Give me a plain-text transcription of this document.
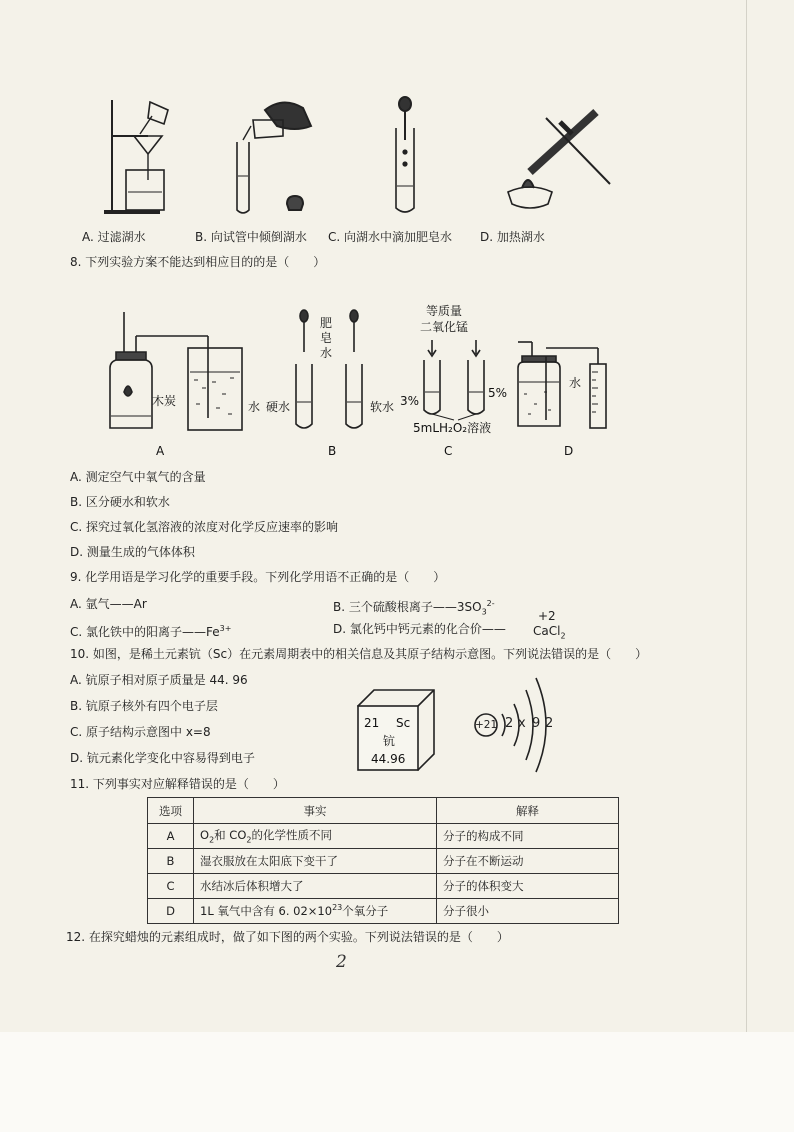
A. 过滤湖水	B. 向试管中倾倒湖水 C. 向湖水中滴加肥皂水 D. 加热湖水
8. 下列实验方案不能达到相应目的的是（　　）
木炭	水
肥
皂
水
硬水	软水
等质量
二氧化锰
3%
5%
5mLH₂O₂溶液
水
A	B	C	D
A. 测定空气中氧气的含量
B. 区分硬水和软水
C. 探究过氧化氢溶液的浓度对化学反应速率的影响
D. 测量生成的气体体积
9. 化学用语是学习化学的重要手段。下列化学用语不正确的是（　　）
A. 氩气——Ar	B. 三个硫酸根离子$——3SO_3^{2-}$
C. 氯化铁中的阳离子$——Fe^{3+}$	D. 氯化钙中钙元素的化合价——
+2
CaCl$_2$
10. 如图，是稀土元素钪（Sc）在元素周期表中的相关信息及其原子结构示意图。下列说法错误的是（　　）
A. 钪原子相对原子质量是 44. 96
B. 钪原子核外有四个电子层
C. 原子结构示意图中 x=8
D. 钪元素化学变化中容易得到电子
21 Sc
钪
44.96
+21 2 x 9 2
11. 下列事实对应解释错误的是（　　）
选项	事实	解释
A	$O_2$和 $CO_2$的化学性质不同	分子的构成不同
B	湿衣服放在太阳底下变干了	分子在不断运动
C	水结冰后体积增大了	分子的体积变大
D	1L 氧气中含有 6. $02\times 10^{23}$个氧分子	分子很小
12. 在探究蜡烛的元素组成时，做了如下图的两个实验。下列说法错误的是（　　）
2
